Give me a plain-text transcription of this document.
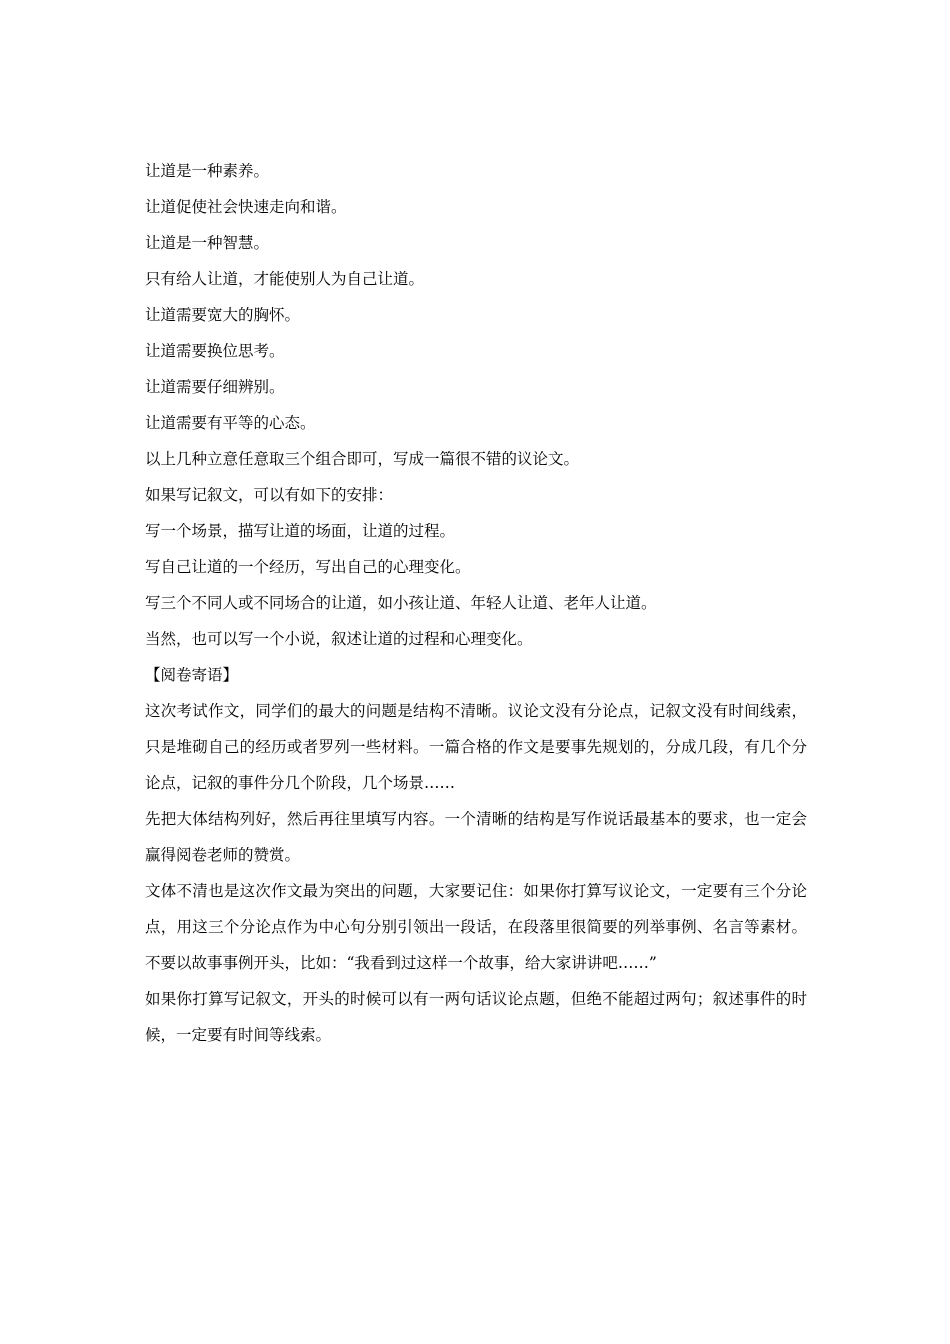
让道是一种素养。
让道促使社会快速走向和谐。
让道是一种智慧。
只有给人让道，才能使别人为自己让道。
让道需要宽大的胸怀。
让道需要换位思考。
让道需要仔细辨别。
让道需要有平等的心态。
以上几种立意任意取三个组合即可，写成一篇很不错的议论文。
如果写记叙文，可以有如下的安排：
写一个场景，描写让道的场面，让道的过程。
写自己让道的一个经历，写出自己的心理变化。
写三个不同人或不同场合的让道，如小孩让道、年轻人让道、老年人让道。
当然，也可以写一个小说，叙述让道的过程和心理变化。
【阅卷寄语】

这次考试作文，同学们的最大的问题是结构不清晰。议论文没有分论点，记叙文没有时间线索，只是堆砌自己的经历或者罗列一些材料。一篇合格的作文是要事先规划的，分成几段，有几个分论点，记叙的事件分几个阶段，几个场景……

先把大体结构列好，然后再往里填写内容。一个清晰的结构是写作说话最基本的要求，也一定会赢得阅卷老师的赞赏。

文体不清也是这次作文最为突出的问题，大家要记住：如果你打算写议论文，一定要有三个分论点，用这三个分论点作为中心句分别引领出一段话，在段落里很简要的列举事例、名言等素材。不要以故事事例开头，比如：“我看到过这样一个故事，给大家讲讲吧……”

如果你打算写记叙文，开头的时候可以有一两句话议论点题，但绝不能超过两句；叙述事件的时候，一定要有时间等线索。
